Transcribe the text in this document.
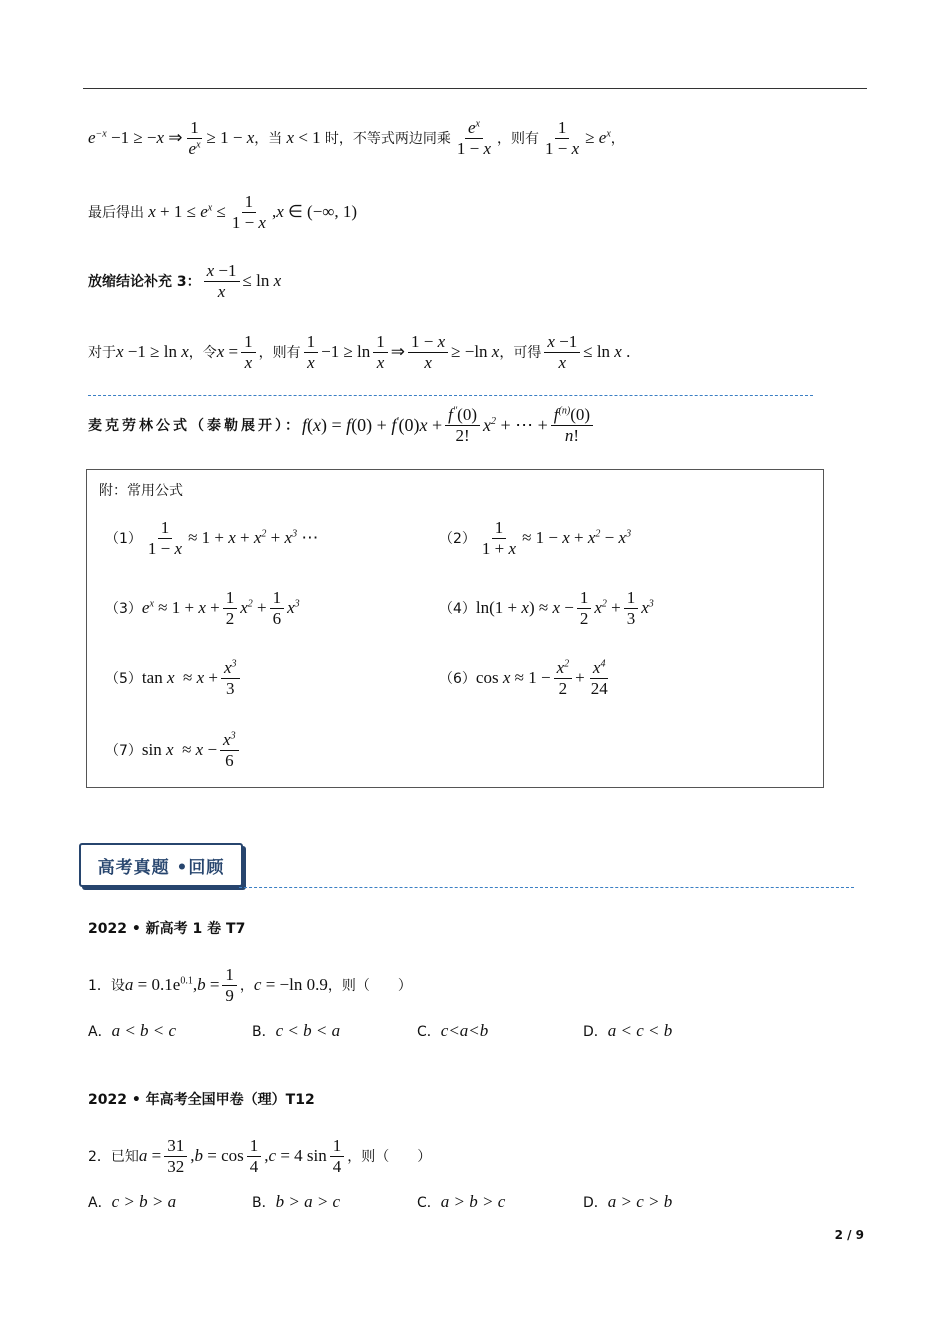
$e^{-x} -1 \ge -x$ ⇒ $\frac{1}{e^x} \ge 1 - x$ ，当 x < 1 时，不等式两边同乘 $\frac{e^x}{1 - x}$ ，则有 $\frac{1}{1 - x} \ge e^x$ ，
最后得出 $x + 1 \le e^x \le \frac{1}{1 - x} ,x$ ∈ (−∞, 1)
放缩结论补充 3： $\frac{x -1}{x} \le \ln x$
对于 x −1 ≥ ln x ，令 $x = \frac{1}{x}$ ，则有 $\frac{1}{x} -1 \ge \ln \frac{1}{x}$ ⇒ $\frac{1 - x}{x} \ge -\ln$ x ，可得 $\frac{x -1}{x} \le \ln x$ .
麦克劳林公式（泰勒展开）： $f(x) = f(0) + f'(0)x + \frac{f''(0)}{2!} x^2$ + ⋯ + $\frac{f^{(n)}(0)}{n!}$
附：常用公式
$(1) \frac{1}{1 - x} \approx 1 + x + x^2 + x^3$ ⋯	$(2) \frac{1}{1 + x} \approx 1 - x + x^2 - x^3$
（3） $e^x \approx 1 + x + \frac{1}{2} x^2 + \frac{1}{6} x^3$	（4） $\ln(1 + x) \approx x - \frac{1}{2} x^2 + \frac{1}{3} x^3$
（5） $\tan x \approx x + \frac{x^3}{3}$	（6） $\cos x \approx 1 - \frac{x^2}{2} + \frac{x^4}{24}$
（7） $\sin x \approx x - \frac{x^3}{6}$
高考真题 •回顾
2022 • 新高考 1 卷 T7
1．设 $a = 0.1e^{0.1},b = \frac{1}{9}$ ， c = −ln 0.9 ，则（　　）
A． a < b < c	B． c < b < a	C． c<a<b	D． a < c < b
2022 • 年高考全国甲卷（理）T12
2．已知 $a = \frac{31}{32} ,b = \cos \frac{1}{4} ,c = 4$ $\sin \frac{1}{4}$ ，则（　　）
A． c > b > a	B． b > a > c	C． a > b > c	D． a > c > b
2 / 9
